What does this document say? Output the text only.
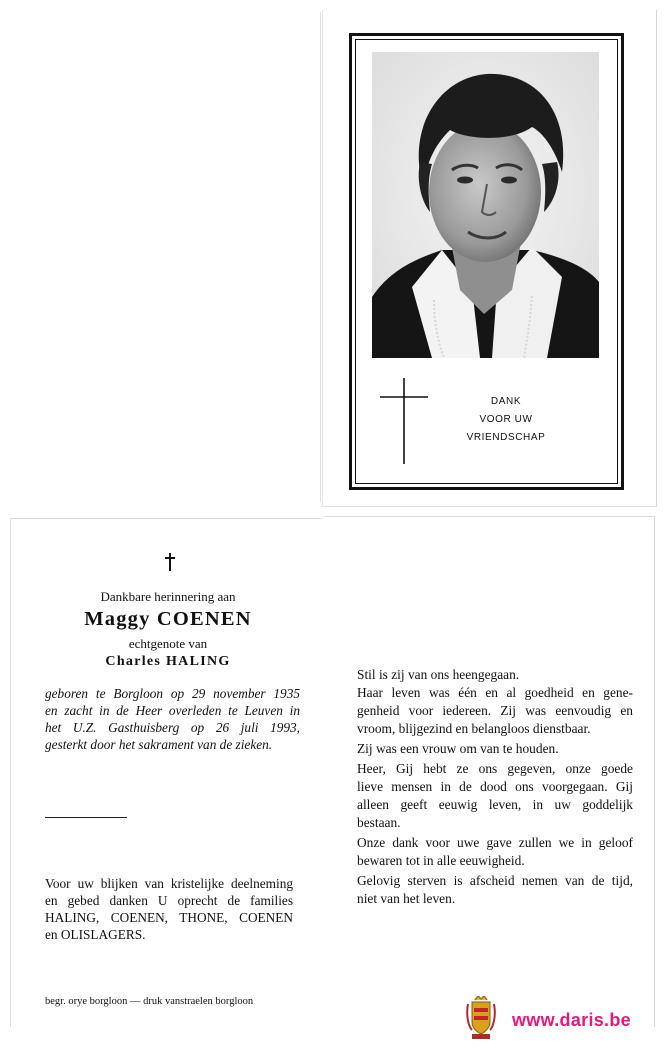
DANK
VOOR UW
VRIENDSCHAP
Dankbare herinnering aan
Maggy COENEN
echtgenote van
Charles HALING
geboren te Borgloon op 29 november 1935
en zacht in de Heer overleden te Leuven in
het U.Z. Gasthuisberg op 26 juli 1993,
gesterkt door het sakrament van de zieken.
Voor uw blijken van kristelijke deelneming
en gebed danken U oprecht de families
HALING, COENEN, THONE, COENEN
en OLISLAGERS.
begr. orye borgloon — druk vanstraelen borgloon
Stil is zij van ons heengegaan.
Haar leven was één en al goedheid en gene-
genheid voor iedereen. Zij was eenvoudig en
vroom, blijgezind en belangloos dienstbaar.
Zij was een vrouw om van te houden.
Heer, Gij hebt ze ons gegeven, onze goede
lieve mensen in de dood ons voorgegaan. Gij
alleen geeft eeuwig leven, in uw goddelijk
bestaan.
Onze dank voor uwe gave zullen we in geloof
bewaren tot in alle eeuwigheid.
Gelovig sterven is afscheid nemen van de tijd,
niet van het leven.
www.daris.be
